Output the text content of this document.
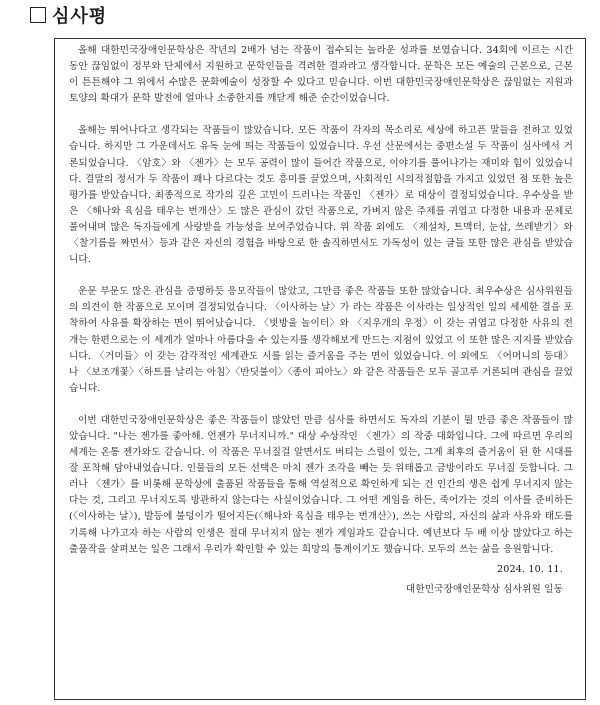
심사평

올해 대한민국장애인문학상은 작년의 2배가 넘는 작품이 접수되는 놀라운 성과를 보였습니다. 34회에 이르는 시간 동안 끊임없이 정부와 단체에서 지원하고 문학인들을 격려한 결과라고 생각합니다. 문학은 모든 예술의 근본으로, 근본이 튼튼해야 그 위에서 수많은 문화예술이 성장할 수 있다고 믿습니다. 이번 대한민국장애인문학상은 끊임없는 지원과 토양의 확대가 문학 발전에 얼마나 소중한지를 깨닫게 해준 순간이었습니다.

올해는 뛰어나다고 생각되는 작품들이 많았습니다. 모든 작품이 각자의 목소리로 세상에 하고픈 말들을 전하고 있었습니다. 하지만 그 가운데서도 유독 눈에 띄는 작품들이 있었습니다. 우선 산문에서는 중편소설 두 작품이 심사에서 거론되었습니다. 〈암호〉와 〈젠가〉는 모두 공력이 많이 들어간 작품으로, 이야기를 풀어나가는 재미와 힘이 있었습니다. 결말의 정서가 두 작품이 꽤나 다르다는 것도 흥미를 끌었으며, 사회적인 시의적절함을 가지고 있었던 점 또한 높은 평가를 받았습니다. 최종적으로 작가의 깊은 고민이 드러나는 작품인 〈젠가〉로 대상이 결정되었습니다. 우수상을 받은 〈해나와 육심을 태우는 번개산〉도 많은 관심이 갔던 작품으로, 가벼지 않은 주제를 귀엽고 다정한 내용과 문체로 풀어내며 많은 독자들에게 사랑받을 가능성을 보여주었습니다. 위 작품 외에도 〈제설차, 트맥터, 눈삽, 쓰레받기〉와 〈찰기름을 짜면서〉등과 같은 자신의 경험을 바탕으로 한 솔직하면서도 가독성이 있는 글들 또한 많은 관심을 받았습니다.

운문 부문도 많은 관심을 증명하듯 응모작들이 많았고, 그만큼 좋은 작품들 또한 많았습니다. 최우수상은 심사위원들의 의견이 한 작품으로 모이며 결정되었습니다. 〈이사하는 날〉가 라는 작품은 이사라는 일상적인 일의 세세한 결을 포착하여 사유를 확장하는 면이 뛰어났습니다. 〈빗방울 놀이터〉와 〈지우개의 우정〉이 갖는 귀엽고 다정한 사유의 전개는 한편으로는 이 세계가 얼마나 아름다울 수 있는지를 생각해보게 만드는 지점이 있었고 이 또한 많은 지지를 받았습니다. 〈거미들〉이 갖는 감각적인 세계관도 시를 읽는 즐거움을 주는 면이 있었습니다. 이 외에도 〈어머니의 등대〉나 〈보조개꽃〉〈하트를 날리는 아침〉〈반딧불이〉〈종이 피아노〉와 같은 작품들은 모두 골고루 거론되며 관심을 끌었습니다.

이번 대한민국장애인문학상은 좋은 작품들이 많았던 만큼 심사를 하면서도 독자의 기분이 뭘 만큼 좋은 작품들이 많았습니다. "나는 젠가를 좋아해. 언젠가 무너지니까." 대상 수상작인 〈젠가〉의 작중 대화입니다. 그에 따르면 우리의 세계는 온통 젠가와도 같습니다. 이 작품은 무너질걸 알면서도 버티는 스릴이 있는, 그게 최후의 즐거움이 된 한 시대를 잘 포착해 담아내었습니다. 인물들의 모든 선택은 마치 젠가 조각을 빼는 듯 위태롭고 금방이라도 무너질 듯합니다. 그러나 〈젠가〉를 비롯해 문학상에 출품된 작품들을 통해 역설적으로 확인하게 되는 건 인간의 생은 쉽게 무너지지 않는다는 것, 그리고 무너지도록 방관하지 않는다는 사실이었습니다. 그 어떤 게임을 하든, 죽어가는 것의 이사를 준비하든(〈이사하는 날〉), 발등에 불덩이가 떨어지든(〈해나와 육심을 태우는 번개산〉), 쓰는 사람의, 자신의 삶과 사유와 태도를 기록해 나가고자 하는 사람의 인생은 절대 무너지지 않는 젠가 게임과도 같습니다. 예년보다 두 배 이상 많았다고 하는 출품작을 살펴보는 일은 그래서 우리가 확인할 수 있는 희망의 통계이기도 했습니다. 모두의 쓰는 삶을 응원합니다.

2024. 10. 11.
대한민국장애인문학상 심사위원 일동
